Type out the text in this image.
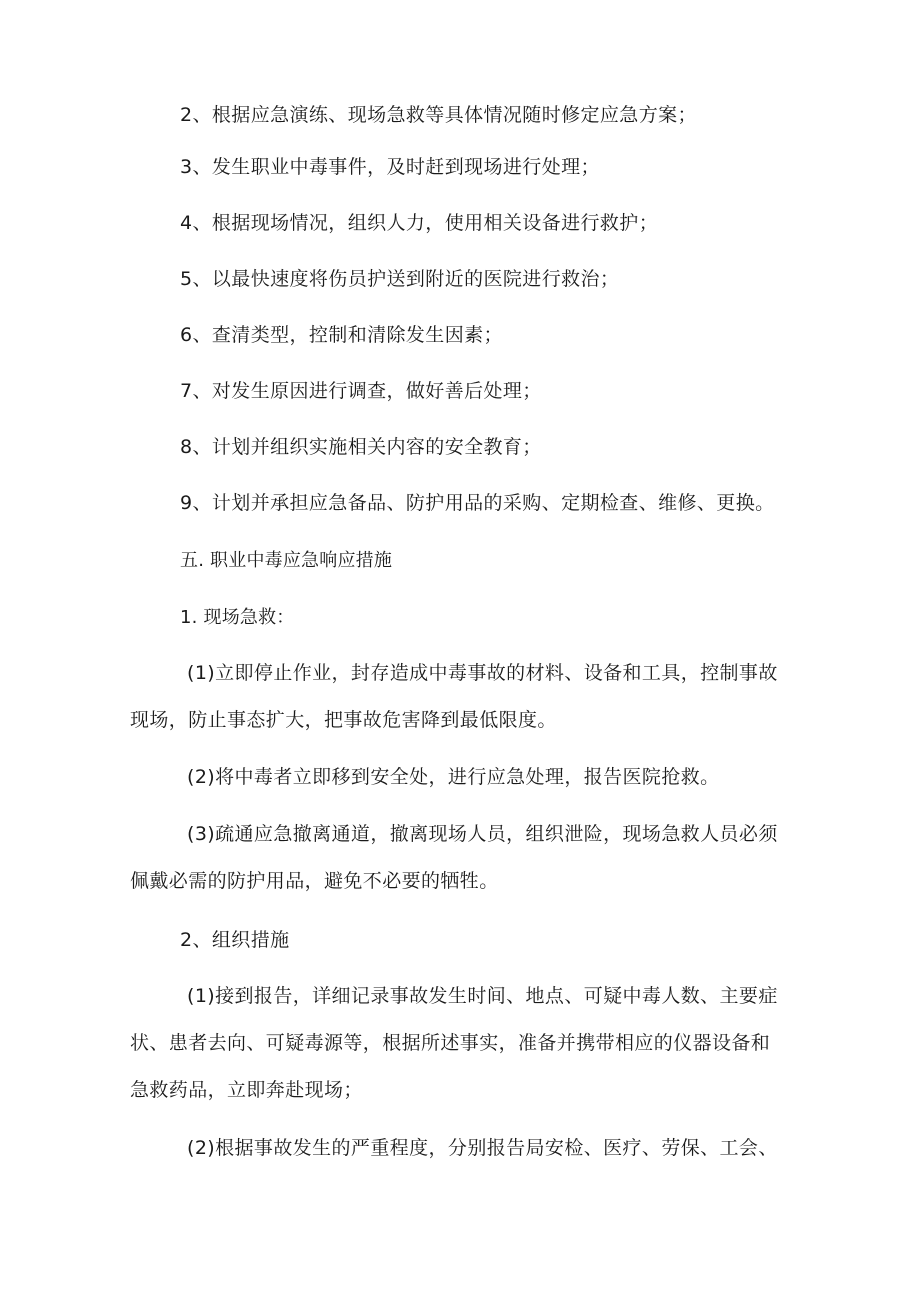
2、根据应急演练、现场急救等具体情况随时修定应急方案；
3、发生职业中毒事件，及时赶到现场进行处理；
4、根据现场情况，组织人力，使用相关设备进行救护；
5、以最快速度将伤员护送到附近的医院进行救治；
6、查清类型，控制和清除发生因素；
7、对发生原因进行调查，做好善后处理；
8、计划并组织实施相关内容的安全教育；
9、计划并承担应急备品、防护用品的采购、定期检查、维修、更换。
五. 职业中毒应急响应措施
1. 现场急救：
(1)立即停止作业，封存造成中毒事故的材料、设备和工具，控制事故
现场，防止事态扩大，把事故危害降到最低限度。
(2)将中毒者立即移到安全处，进行应急处理，报告医院抢救。
(3)疏通应急撤离通道，撤离现场人员，组织泄险，现场急救人员必须
佩戴必需的防护用品，避免不必要的牺牲。
2、组织措施
(1)接到报告，详细记录事故发生时间、地点、可疑中毒人数、主要症
状、患者去向、可疑毒源等，根据所述事实，准备并携带相应的仪器设备和
急救药品，立即奔赴现场；
(2)根据事故发生的严重程度，分别报告局安检、医疗、劳保、工会、
